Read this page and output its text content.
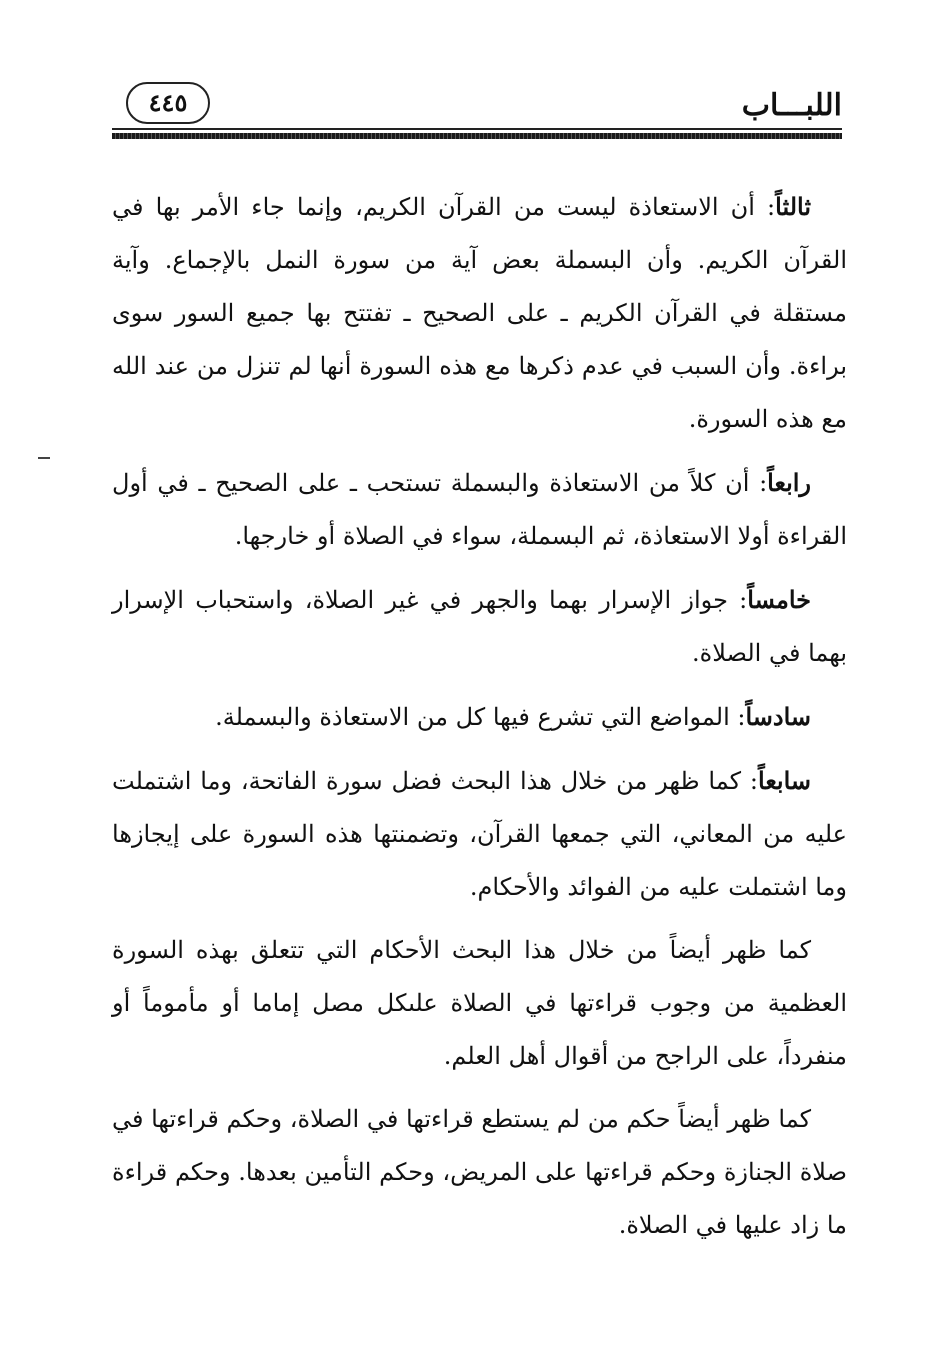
اللبـــاب
٤٤٥

ثالثاً: أن الاستعاذة ليست من القرآن الكريم، وإنما جاء الأمر بها في القرآن الكريم. وأن البسملة بعض آية من سورة النمل بالإجماع. وآية مستقلة في القرآن الكريم ـ على الصحيح ـ تفتتح بها جميع السور سوى براءة. وأن السبب في عدم ذكرها مع هذه السورة أنها لم تنزل من عند الله مع هذه السورة.

رابعاً: أن كلاً من الاستعاذة والبسملة تستحب ـ على الصحيح ـ في أول القراءة أولا الاستعاذة، ثم البسملة، سواء في الصلاة أو خارجها.

خامساً: جواز الإسرار بهما والجهر في غير الصلاة، واستحباب الإسرار بهما في الصلاة.

سادساً: المواضع التي تشرع فيها كل من الاستعاذة والبسملة.

سابعاً: كما ظهر من خلال هذا البحث فضل سورة الفاتحة، وما اشتملت عليه من المعاني، التي جمعها القرآن، وتضمنتها هذه السورة على إيجازها وما اشتملت عليه من الفوائد والأحكام.

كما ظهر أيضاً من خلال هذا البحث الأحكام التي تتعلق بهذه السورة العظمية من وجوب قراءتها في الصلاة علىكل مصل إماما أو مأموماً أو منفرداً، على الراجح من أقوال أهل العلم.

كما ظهر أيضاً حكم من لم يستطع قراءتها في الصلاة، وحكم قراءتها في صلاة الجنازة وحكم قراءتها على المريض، وحكم التأمين بعدها. وحكم قراءة ما زاد عليها في الصلاة.
